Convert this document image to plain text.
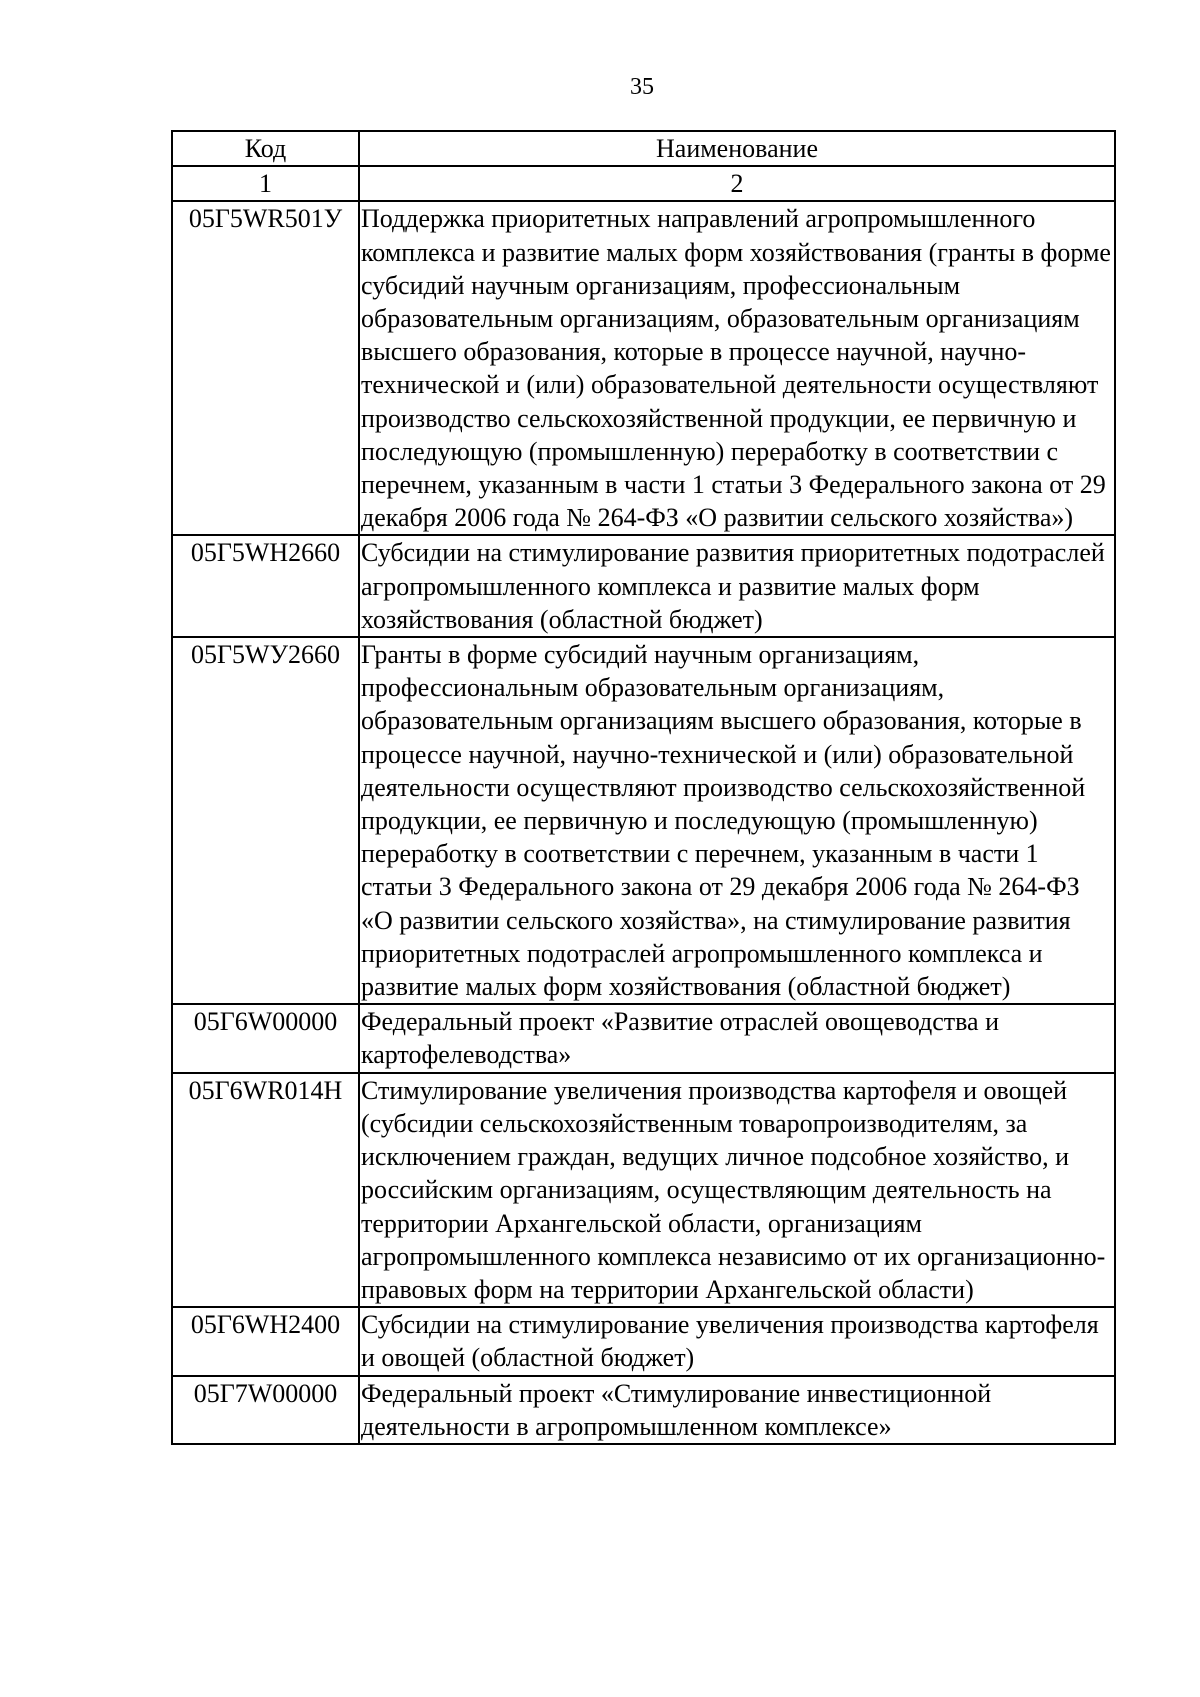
35
Код	Наименование
1	2
05Г5WR501У	Поддержка приоритетных направлений агропромышленного комплекса и развитие малых форм хозяйствования (гранты в форме субсидий научным организациям, профессиональным образовательным организациям, образовательным организациям высшего образования, которые в процессе научной, научно-технической и (или) образовательной деятельности осуществляют производство сельскохозяйственной продукции, ее первичную и последующую (промышленную) переработку в соответствии с перечнем, указанным в части 1 статьи 3 Федерального закона от 29 декабря 2006 года № 264-ФЗ «О развитии сельского хозяйства»)
05Г5WН2660	Субсидии на стимулирование развития приоритетных подотраслей агропромышленного комплекса и развитие малых форм хозяйствования (областной бюджет)
05Г5WУ2660	Гранты в форме субсидий научным организациям, профессиональным образовательным организациям, образовательным организациям высшего образования, которые в процессе научной, научно-технической и (или) образовательной деятельности осуществляют производство сельскохозяйственной продукции, ее первичную и последующую (промышленную) переработку в соответствии с перечнем, указанным в части 1 статьи 3 Федерального закона от 29 декабря 2006 года № 264-ФЗ «О развитии сельского хозяйства», на стимулирование развития приоритетных подотраслей агропромышленного комплекса и развитие малых форм хозяйствования (областной бюджет)
05Г6W00000	Федеральный проект «Развитие отраслей овощеводства и картофелеводства»
05Г6WR014Н	Стимулирование увеличения производства картофеля и овощей (субсидии сельскохозяйственным товаропроизводителям, за исключением граждан, ведущих личное подсобное хозяйство, и российским организациям, осуществляющим деятельность на территории Архангельской области, организациям агропромышленного комплекса независимо от их организационно-правовых форм на территории Архангельской области)
05Г6WН2400	Субсидии на стимулирование увеличения производства картофеля и овощей (областной бюджет)
05Г7W00000	Федеральный проект «Стимулирование инвестиционной деятельности в агропромышленном комплексе»
